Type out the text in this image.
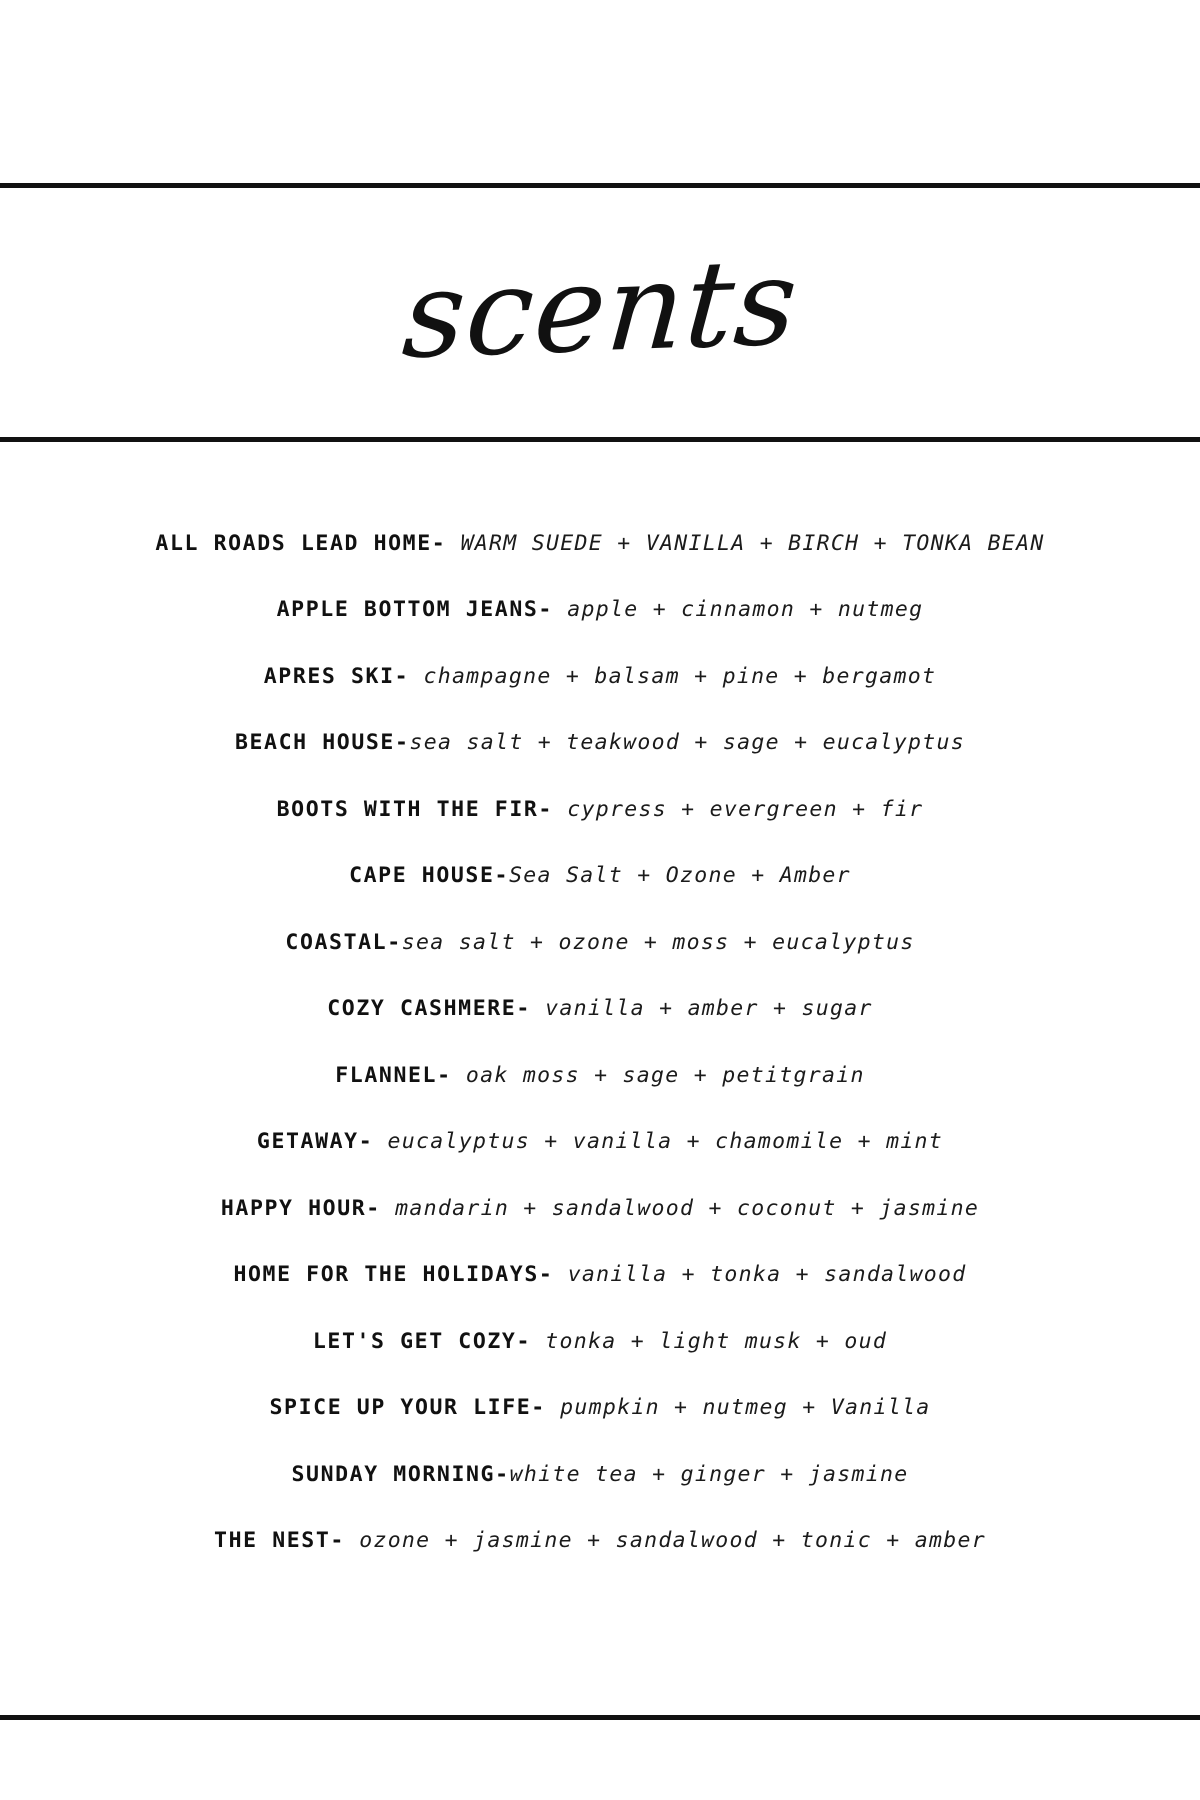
scents
ALL ROADS LEAD HOME-
WARM SUEDE + VANILLA + BIRCH + TONKA BEAN
APPLE BOTTOM JEANS-
apple + cinnamon + nutmeg
APRES SKI-
champagne + balsam + pine + bergamot
BEACH HOUSE- sea salt + teakwood + sage + eucalyptus
BOOTS WITH THE FIR-
cypress + evergreen + fir
CAPE HOUSE- Sea Salt + Ozone + Amber
COASTAL- sea salt + ozone + moss + eucalyptus
COZY CASHMERE-
vanilla + amber + sugar
FLANNEL-
oak moss + sage + petitgrain
GETAWAY-
eucalyptus + vanilla + chamomile + mint
HAPPY HOUR-
mandarin + sandalwood + coconut + jasmine
HOME FOR THE HOLIDAYS-
vanilla + tonka + sandalwood
LET'S GET COZY-
tonka + light musk + oud
SPICE UP YOUR LIFE-
pumpkin + nutmeg + Vanilla
SUNDAY MORNING- white tea + ginger + jasmine
THE NEST-
ozone + jasmine + sandalwood + tonic + amber
